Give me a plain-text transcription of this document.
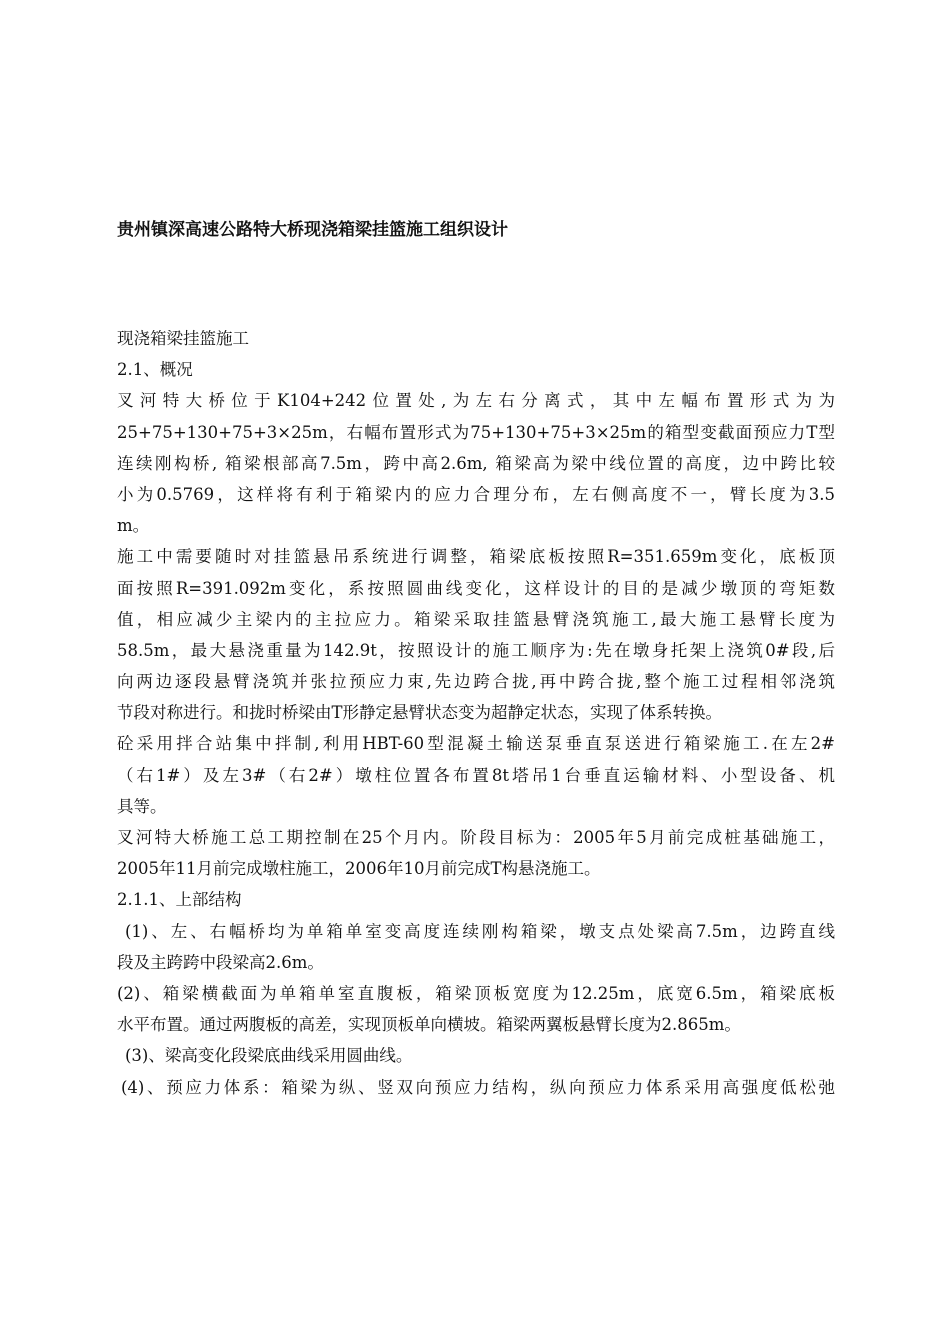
贵州镇深高速公路特大桥现浇箱梁挂篮施工组织设计
现浇箱梁挂篮施工
2.1、概况
叉河特大桥位于K104+242位置处,为左右分离式，其中左幅布置形式为为
25+75+130+75+3×25m，右幅布置形式为75+130+75+3×25m的箱型变截面预应力T型
连续刚构桥, 箱梁根部高7.5m，跨中高2.6m, 箱梁高为梁中线位置的高度，边中跨比较
小为0.5769，这样将有利于箱梁内的应力合理分布，左右侧高度不一，臂长度为3.5
m。
施工中需要随时对挂篮悬吊系统进行调整，箱梁底板按照R=351.659m变化，底板顶
面按照R=391.092m变化，系按照圆曲线变化，这样设计的目的是减少墩顶的弯矩数
值，相应减少主梁内的主拉应力。箱梁采取挂篮悬臂浇筑施工,最大施工悬臂长度为
58.5m，最大悬浇重量为142.9t，按照设计的施工顺序为:先在墩身托架上浇筑0#段,后
向两边逐段悬臂浇筑并张拉预应力束,先边跨合拢,再中跨合拢,整个施工过程相邻浇筑
节段对称进行。和拢时桥梁由T形静定悬臂状态变为超静定状态，实现了体系转换。
砼采用拌合站集中拌制,利用HBT-60型混凝土输送泵垂直泵送进行箱梁施工.在左2#
（右1#）及左3#（右2#）墩柱位置各布置8t塔吊1台垂直运输材料、小型设备、机
具等。
叉河特大桥施工总工期控制在25个月内。阶段目标为：2005年5月前完成桩基础施工，
2005年11月前完成墩柱施工，2006年10月前完成T构悬浇施工。
2.1.1、上部结构
(1)、左、右幅桥均为单箱单室变高度连续刚构箱梁，墩支点处梁高7.5m，边跨直线
段及主跨跨中段梁高2.6m。
(2)、箱梁横截面为单箱单室直腹板，箱梁顶板宽度为12.25m，底宽6.5m，箱梁底板
水平布置。通过两腹板的高差，实现顶板单向横坡。箱梁两翼板悬臂长度为2.865m。
(3)、梁高变化段梁底曲线采用圆曲线。
(4)、预应力体系：箱梁为纵、竖双向预应力结构，纵向预应力体系采用高强度低松弛
